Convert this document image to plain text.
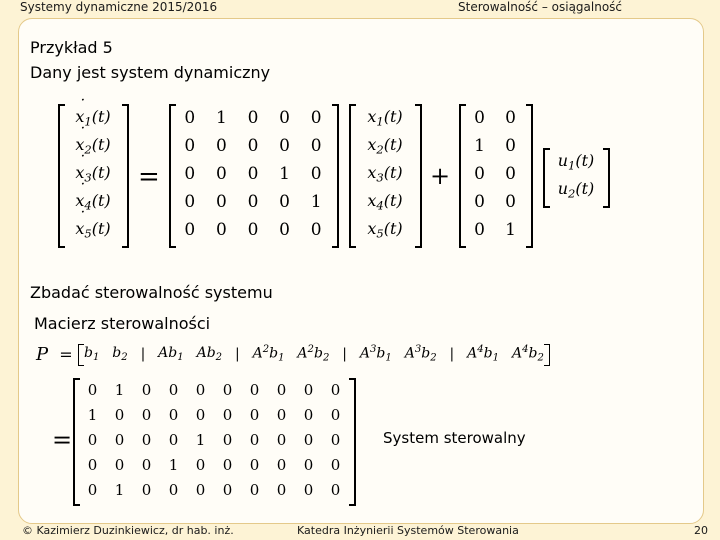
Systemy dynamiczne 2015/2016	Sterowalność – osiągalność
Przykład 5
Dany jest system dynamiczny
˙ $x_1(t)$
˙ $x_2(t)$
˙ $x_3(t)$
˙ $x_4(t)$
˙ $x_5(t)$
=
0 1 0 0 0
0 0 0 0 0
0 0 0 1 0
0 0 0 0 1
0 0 0 0 0
$x_1(t)$
$x_2(t)$
$x_3(t)$
$x_4(t)$
$x_5(t)$
+
0 0
1 0
0 0
0 0
0 1
$u_1(t)$
$u_2(t)$
Zbadać sterowalność systemu
Macierz sterowalności
$P = b_1$ $b_2$ | $Ab_1$ $Ab_2$ | $A^2b_1$ $A^2b_2$ | $A^3b_1$ $A^3b_2$ | $A^4b_1$ $A^4b_2$
=
0 1 0 0 0 0 0 0 0 0
1 0 0 0 0 0 0 0 0 0
0 0 0 0 1 0 0 0 0 0
0 0 0 1 0 0 0 0 0 0
0 1 0 0 0 0 0 0 0 0
System sterowalny
© Kazimierz Duzinkiewicz, dr hab. inż.	Katedra Inżynierii Systemów Sterowania	20
